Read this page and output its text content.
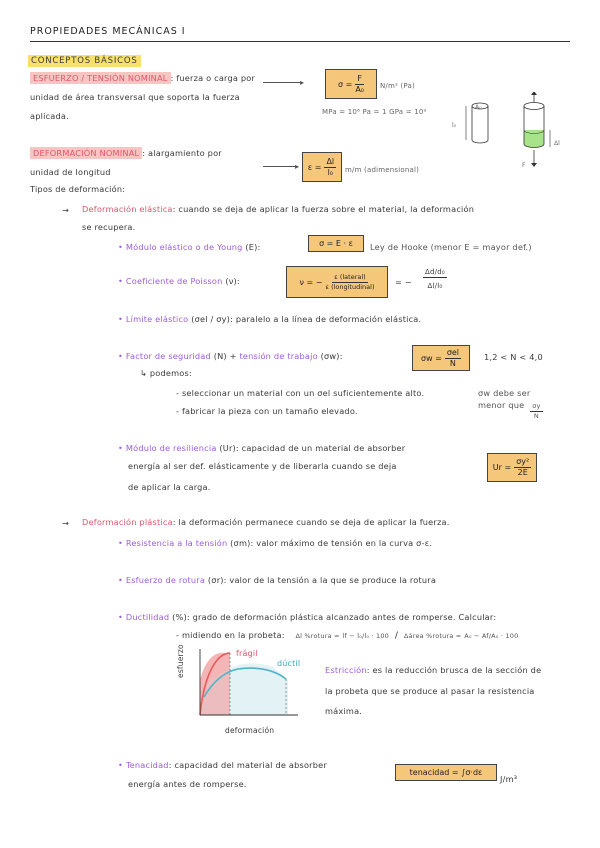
PROPIEDADES MECÁNICAS I
CONCEPTOS BÁSICOS
ESFUERZO / TENSIÓN NOMINAL : fuerza o carga por
unidad de área transversal que soporta la fuerza
aplicada.
▸	$\sigma = \frac{F}{\text{A₀}} N/m^2$ (Pa)
MPa = 10⁶ Pa = 1 GPa = 10⁹
A₀
l₀
Δl
F
DEFORMACIÓN NOMINAL : alargamiento por
unidad de longitud
Tipos de deformación:
▸ $\varepsilon = \frac{\Delta l}{\text{l₀}} m/m$ (adimensional)
→ Deformación elástica: cuando se deja de aplicar la fuerza sobre el material, la deformación
se recupera.
• Módulo elástico o de Young (E):	σ = E · ε	Ley de Hooke (menor E = mayor def.)
• Coeficiente de Poisson (ν):	ν = − $\frac{\text{ε (lateral)}}{\text{ε (longitudinal)}}$	= − $\frac{\text{Δd/d₀}}{\text{Δl/l₀}}$
• Límite elástico (σel / σy): paralelo a la línea de deformación elástica.
• Factor de seguridad (N) + tensión de trabajo (σw):	$\sigma w = \frac{\text{σel}}{N}$	1,2 < N < 4,0
↳ podemos:
- seleccionar un material con un σel suficientemente alto.
- fabricar la pieza con un tamaño elevado.
σw debe ser
menor que $\frac{\sigma y}{N}$
• Módulo de resiliencia (Ur): capacidad de un material de absorber
energía al ser def. elásticamente y de liberarla cuando se deja
de aplicar la carga.
$Ur = \frac{\text{σy²}}{2E}$
→ Deformación plástica: la deformación permanece cuando se deja de aplicar la fuerza.
• Resistencia a la tensión (σm): valor máximo de tensión en la curva σ-ε.
• Esfuerzo de rotura (σr): valor de la tensión a la que se produce la rotura
• Ductilidad (%): grado de deformación plástica alcanzado antes de romperse. Calcular:
- midiendo en la probeta: Δl %rotura = lf − l₀/l₀ · 100 / Δárea %rotura = A₀ − Af/A₀ · 100
esfuerzo	frágil
dúctil
deformación
Estricción: es la reducción brusca de la sección de
la probeta que se produce al pasar la resistencia
máxima.
• Tenacidad: capacidad del material de absorber
energía antes de romperse.
tenacidad = ∫σ·dε
J/m³
